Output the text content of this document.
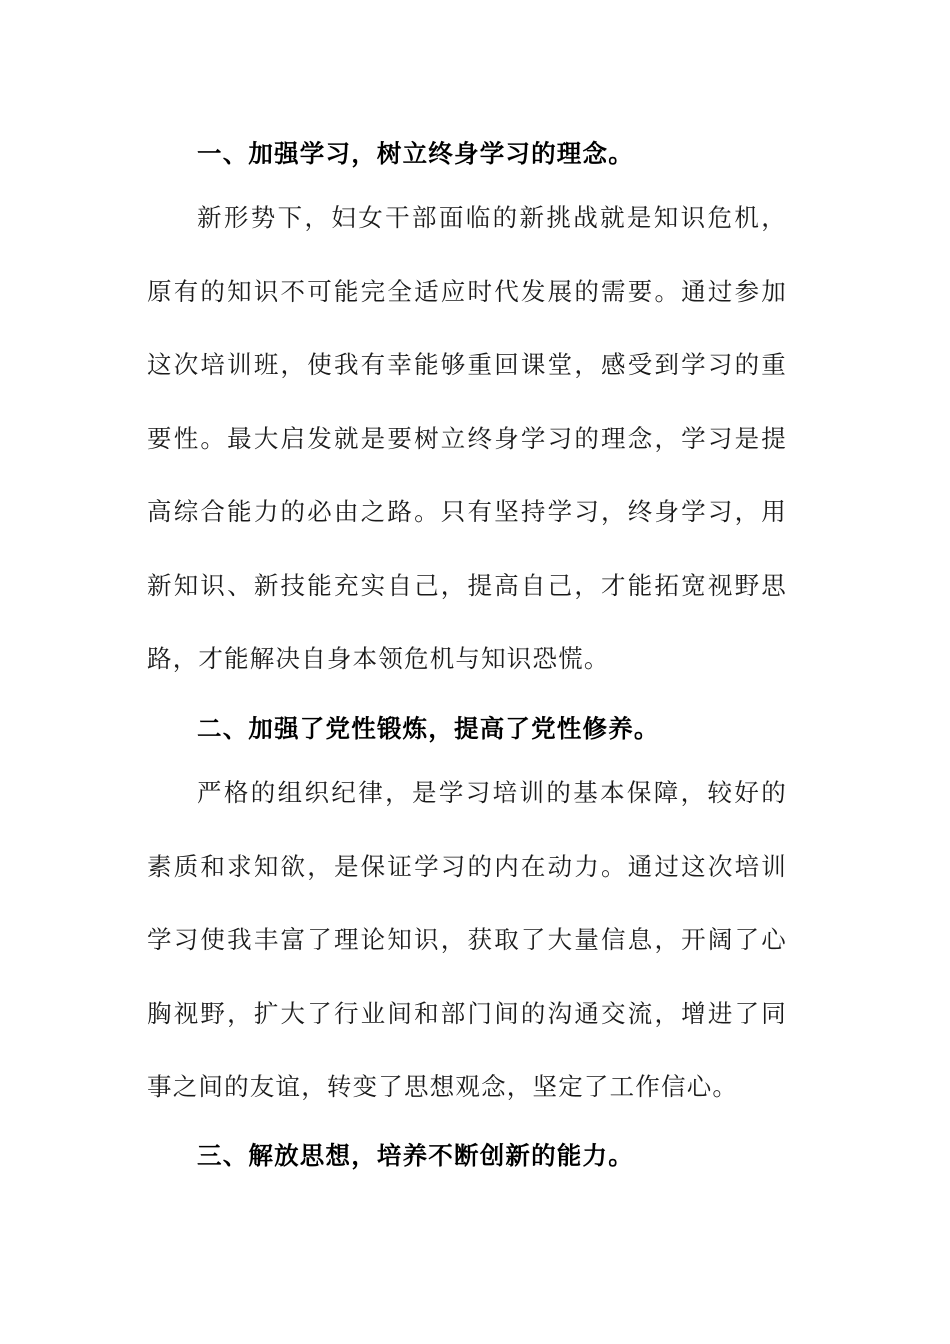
一、加强学习，树立终身学习的理念。
新形势下，妇女干部面临的新挑战就是知识危机，原有的知识不可能完全适应时代发展的需要。通过参加这次培训班，使我有幸能够重回课堂，感受到学习的重要性。最大启发就是要树立终身学习的理念，学习是提高综合能力的必由之路。只有坚持学习，终身学习，用新知识、新技能充实自己，提高自己，才能拓宽视野思路，才能解决自身本领危机与知识恐慌。
二、加强了党性锻炼，提高了党性修养。
严格的组织纪律，是学习培训的基本保障，较好的素质和求知欲，是保证学习的内在动力。通过这次培训学习使我丰富了理论知识，获取了大量信息，开阔了心胸视野，扩大了行业间和部门间的沟通交流，增进了同事之间的友谊，转变了思想观念，坚定了工作信心。
三、解放思想，培养不断创新的能力。
